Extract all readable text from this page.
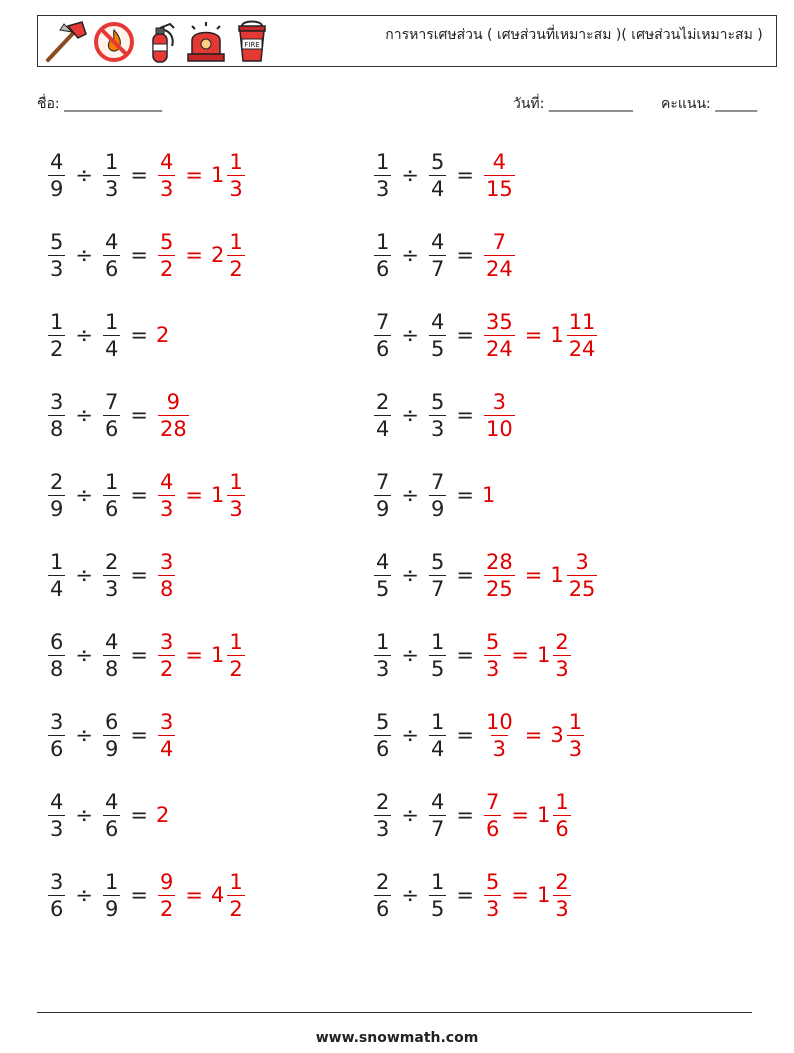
FIRE
การหารเศษส่วน ( เศษส่วนที่เหมาะสม )( เศษส่วนไม่เหมาะสม )
ชื่อ: ______________	วันที่: ____________ คะแนน: ______
$\frac{4}{9} \div \frac{1}{3} = \frac{4}{3} = 1 \frac{1}{3}$	$\frac{1}{3} \div \frac{5}{4} = \frac{4}{15}$
$\frac{5}{3} \div \frac{4}{6} = \frac{5}{2} = 2 \frac{1}{2}$	$\frac{1}{6} \div \frac{4}{7} = \frac{7}{24}$
$\frac{1}{2} \div \frac{1}{4} = 2$	$\frac{7}{6} \div \frac{4}{5} = \frac{35}{24} = 1 \frac{11}{24}$
$\frac{3}{8} \div \frac{7}{6} = \frac{9}{28}$	$\frac{2}{4} \div \frac{5}{3} = \frac{3}{10}$
$\frac{2}{9} \div \frac{1}{6} = \frac{4}{3} = 1 \frac{1}{3}$	$\frac{7}{9} \div \frac{7}{9} = 1$
$\frac{1}{4} \div \frac{2}{3} = \frac{3}{8}$	$\frac{4}{5} \div \frac{5}{7} = \frac{28}{25} = 1 \frac{3}{25}$
$\frac{6}{8} \div \frac{4}{8} = \frac{3}{2} = 1 \frac{1}{2}$	$\frac{1}{3} \div \frac{1}{5} = \frac{5}{3} = 1 \frac{2}{3}$
$\frac{3}{6} \div \frac{6}{9} = \frac{3}{4}$	$\frac{5}{6} \div \frac{1}{4} = \frac{10}{3} = 3 \frac{1}{3}$
$\frac{4}{3} \div \frac{4}{6} = 2$	$\frac{2}{3} \div \frac{4}{7} = \frac{7}{6} = 1 \frac{1}{6}$
$\frac{3}{6} \div \frac{1}{9} = \frac{9}{2} = 4 \frac{1}{2}$	$\frac{2}{6} \div \frac{1}{5} = \frac{5}{3} = 1 \frac{2}{3}$
www.snowmath.com
